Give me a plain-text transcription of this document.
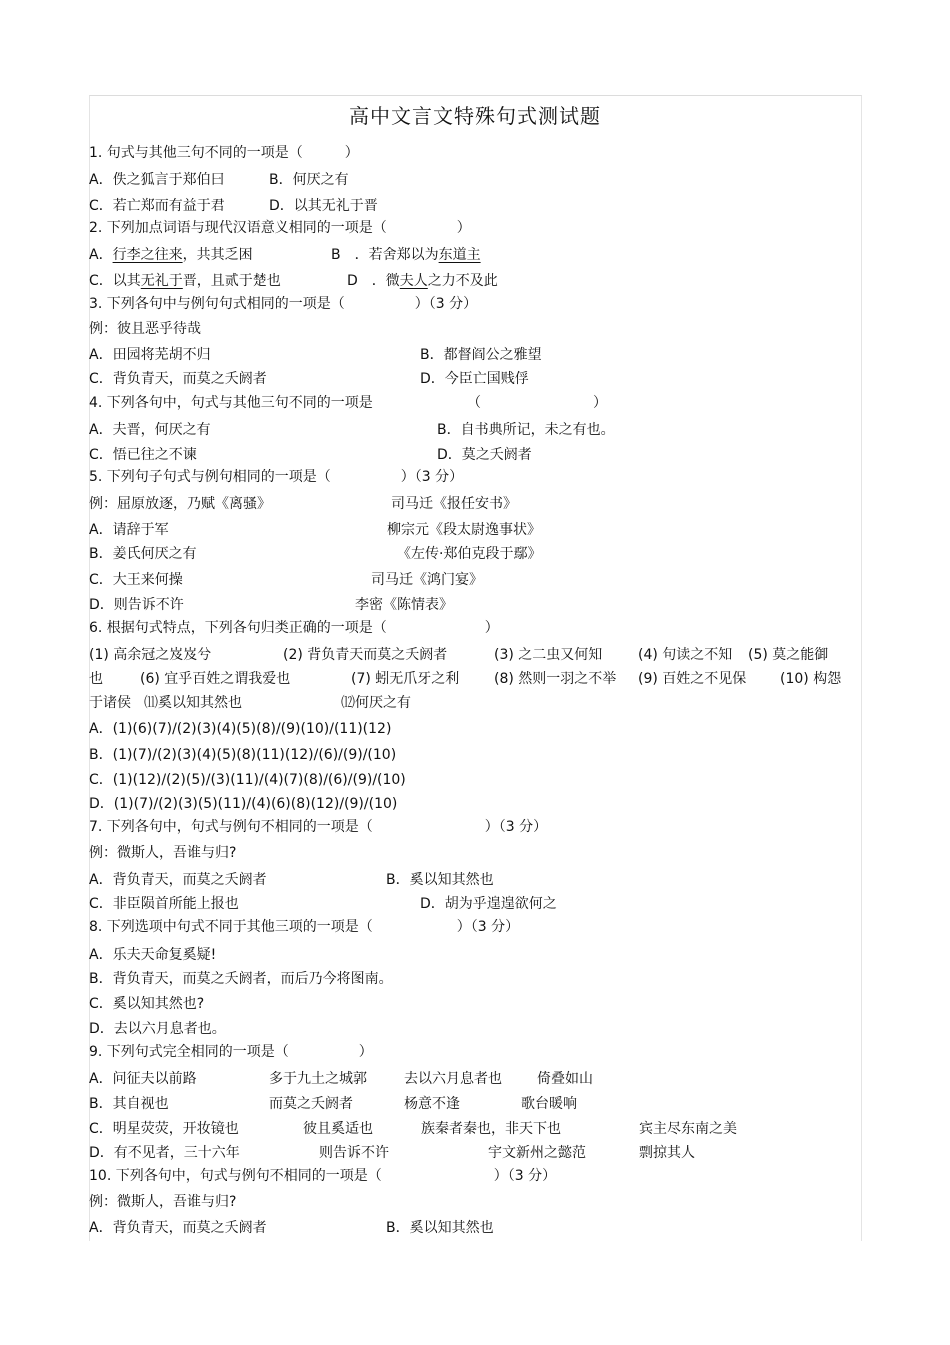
高中文言文特殊句式测试题
1. 句式与其他三句不同的一项是（　　　）
A．佚之狐言于郑伯曰	B．何厌之有
C．若亡郑而有益于君	D．以其无礼于晋
2. 下列加点词语与现代汉语意义相同的一项是（　　　　　）
A．行李之往来，共其乏困	B　．若舍郑以为东道主
C．以其无礼于晋，且贰于楚也	D　．微夫人之力不及此
3. 下列各句中与例句句式相同的一项是（　　　　　）（3 分）
例：彼且恶乎待哉
A．田园将芜胡不归	B．都督阎公之雅望
C．背负青天，而莫之夭阏者	D．今臣亡国贱俘
4. 下列各句中，句式与其他三句不同的一项是	（　　　　　　　　）
A．夫晋，何厌之有	B．自书典所记，未之有也。
C．悟已往之不谏	D．莫之夭阏者
5. 下列句子句式与例句相同的一项是（　　　　　）（3 分）
例：屈原放逐，乃赋《离骚》	司马迁《报任安书》
A．请辞于军	柳宗元《段太尉逸事状》
B．姜氏何厌之有	《左传·郑伯克段于鄢》
C．大王来何操	司马迁《鸿门宴》
D．则告诉不许	李密《陈情表》
6. 根据句式特点，下列各句归类正确的一项是（　　　　　　　）
(1) 高余冠之岌岌兮	(2) 背负青天而莫之夭阏者	(3) 之二虫又何知	(4) 句读之不知 (5) 莫之能御
也	(6) 宜乎百姓之谓我爱也	(7) 蚓无爪牙之利 (8) 然则一羽之不举 (9) 百姓之不见保 (10) 构怨
于诸侯 ⑾奚以知其然也	⑿何厌之有
A．(1)(6)(7)/(2)(3)(4)(5)(8)/(9)(10)/(11)(12)
B．(1)(7)/(2)(3)(4)(5)(8)(11)(12)/(6)/(9)/(10)
C．(1)(12)/(2)(5)/(3)(11)/(4)(7)(8)/(6)/(9)/(10)
D．(1)(7)/(2)(3)(5)(11)/(4)(6)(8)(12)/(9)/(10)
7. 下列各句中，句式与例句不相同的一项是（　　　　　　　　）（3 分）
例：微斯人，吾谁与归?
A．背负青天，而莫之夭阏者	B．奚以知其然也
C．非臣陨首所能上报也	D．胡为乎遑遑欲何之
8. 下列选项中句式不同于其他三项的一项是（　　　　　　）（3 分）
A．乐夫天命复奚疑!
B．背负青天，而莫之夭阏者，而后乃今将图南。
C．奚以知其然也?
D．去以六月息者也。
9. 下列句式完全相同的一项是（　　　　　）
A．问征夫以前路	多于九土之城郭	去以六月息者也	倚叠如山
B．其自视也	而莫之夭阏者	杨意不逢	歌台暖响
C．明星荧荧，开妆镜也	彼且奚适也	族秦者秦也，非天下也	宾主尽东南之美
D．有不见者，三十六年	则告诉不许	宇文新州之懿范	剽掠其人
10. 下列各句中，句式与例句不相同的一项是（　　　　　　　　）（3 分）
例：微斯人，吾谁与归?
A．背负青天，而莫之夭阏者	B．奚以知其然也
